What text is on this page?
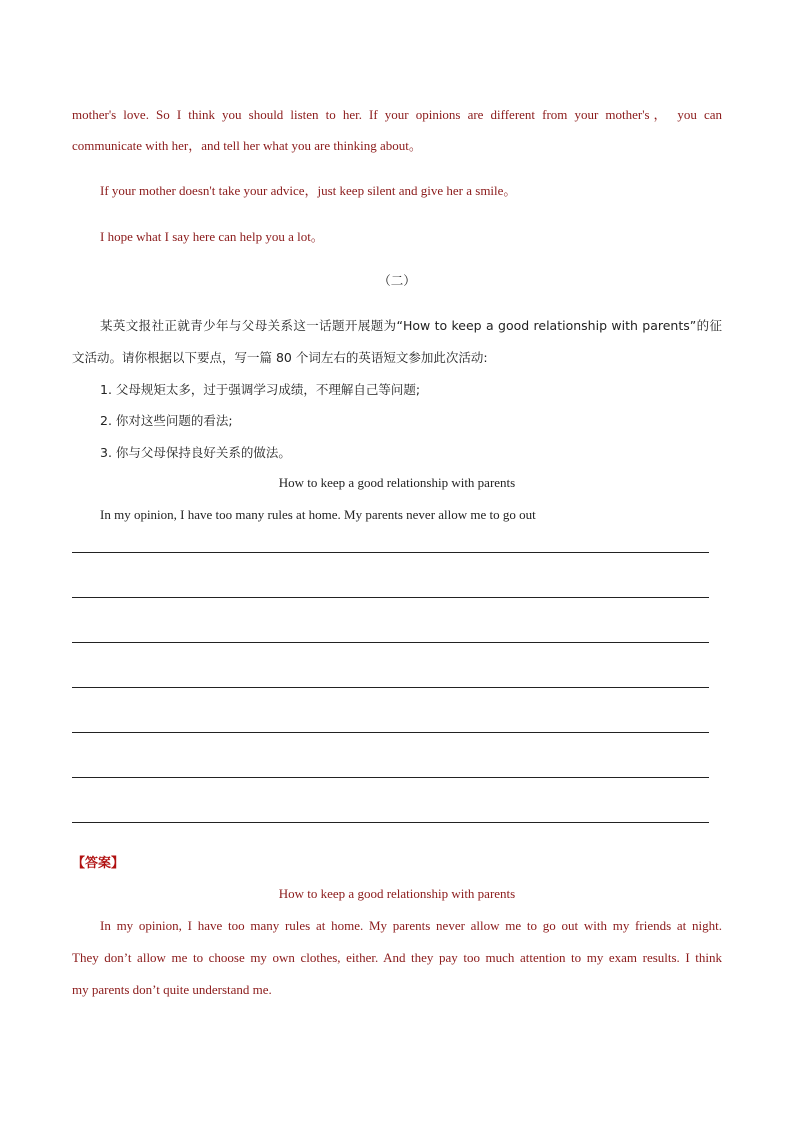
mother's love. So I think you should listen to her. If your opinions are different from your mother's， you can
communicate with her，and tell her what you are thinking about。
If your mother doesn't take your advice，just keep silent and give her a smile。
I hope what I say here can help you a lot。
（二）
某英文报社正就青少年与父母关系这一话题开展题为“How to keep a good relationship with parents”的征
文活动。请你根据以下要点，写一篇 80 个词左右的英语短文参加此次活动:
1. 父母规矩太多，过于强调学习成绩，不理解自己等问题;
2. 你对这些问题的看法;
3. 你与父母保持良好关系的做法。
How to keep a good relationship with parents
In my opinion, I have too many rules at home. My parents never allow me to go out
【答案】
How to keep a good relationship with parents
In my opinion, I have too many rules at home. My parents never allow me to go out with my friends at night.
They don’t allow me to choose my own clothes, either. And they pay too much attention to my exam results. I think
my parents don’t quite understand me.
